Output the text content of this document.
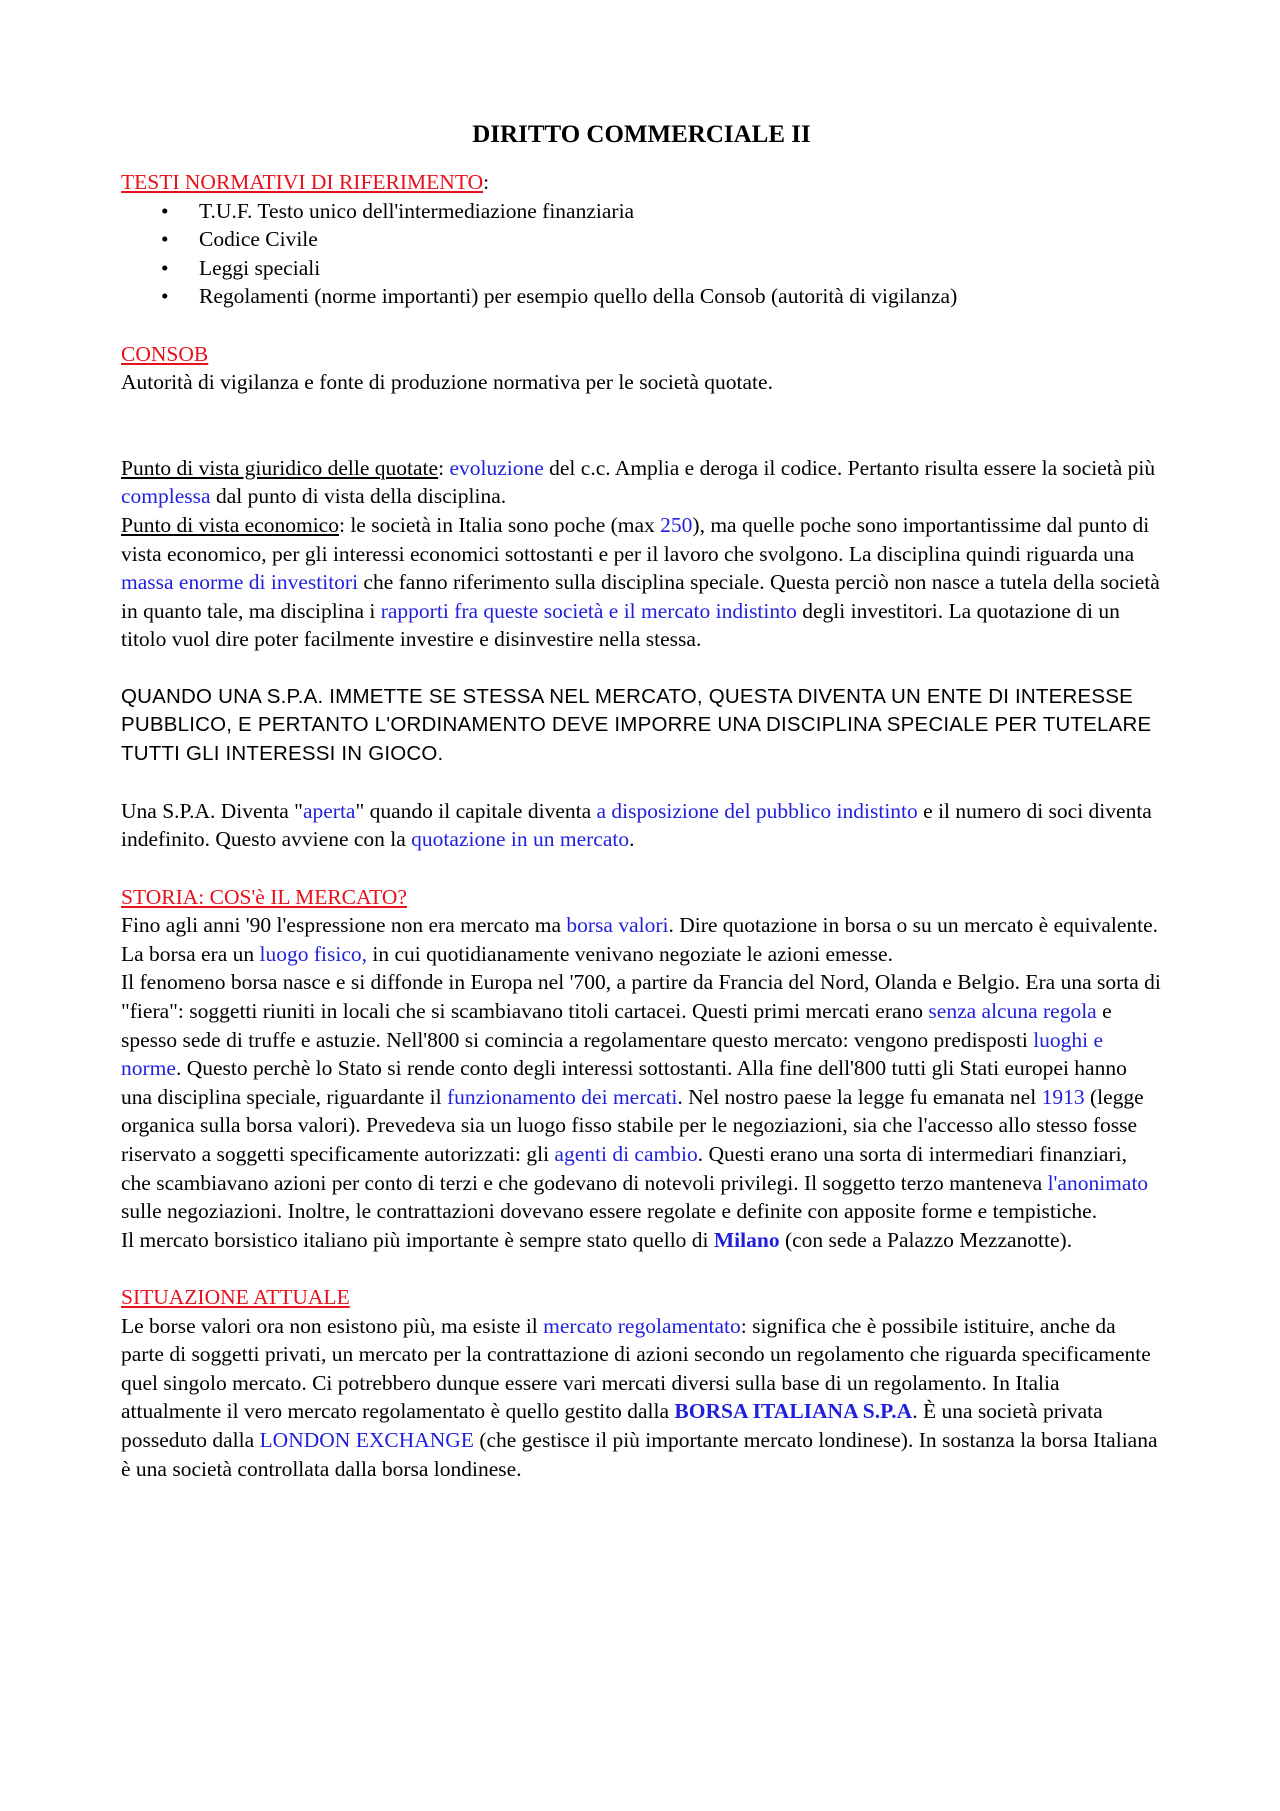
DIRITTO COMMERCIALE II
TESTI NORMATIVI DI RIFERIMENTO:
• T.U.F. Testo unico dell'intermediazione finanziaria
• Codice Civile
• Leggi speciali
• Regolamenti (norme importanti) per esempio quello della Consob (autorità di vigilanza)
CONSOB
Autorità di vigilanza e fonte di produzione normativa per le società quotate.
Punto di vista giuridico delle quotate: evoluzione del c.c. Amplia e deroga il codice. Pertanto risulta essere la società più complessa dal punto di vista della disciplina.
Punto di vista economico: le società in Italia sono poche (max 250), ma quelle poche sono importantissime dal punto di vista economico, per gli interessi economici sottostanti e per il lavoro che svolgono. La disciplina quindi riguarda una massa enorme di investitori che fanno riferimento sulla disciplina speciale. Questa perciò non nasce a tutela della società in quanto tale, ma disciplina i rapporti fra queste società e il mercato indistinto degli investitori. La quotazione di un titolo vuol dire poter facilmente investire e disinvestire nella stessa.
QUANDO UNA S.P.A. IMMETTE SE STESSA NEL MERCATO, QUESTA DIVENTA UN ENTE DI INTERESSE PUBBLICO, E PERTANTO L'ORDINAMENTO DEVE IMPORRE UNA DISCIPLINA SPECIALE PER TUTELARE TUTTI GLI INTERESSI IN GIOCO.
Una S.P.A. Diventa "aperta" quando il capitale diventa a disposizione del pubblico indistinto e il numero di soci diventa indefinito. Questo avviene con la quotazione in un mercato.
STORIA: COS'è IL MERCATO?
Fino agli anni '90 l'espressione non era mercato ma borsa valori. Dire quotazione in borsa o su un mercato è equivalente.
La borsa era un luogo fisico, in cui quotidianamente venivano negoziate le azioni emesse.
Il fenomeno borsa nasce e si diffonde in Europa nel '700, a partire da Francia del Nord, Olanda e Belgio. Era una sorta di "fiera": soggetti riuniti in locali che si scambiavano titoli cartacei. Questi primi mercati erano senza alcuna regola e spesso sede di truffe e astuzie. Nell'800 si comincia a regolamentare questo mercato: vengono predisposti luoghi e norme. Questo perchè lo Stato si rende conto degli interessi sottostanti. Alla fine dell'800 tutti gli Stati europei hanno una disciplina speciale, riguardante il funzionamento dei mercati. Nel nostro paese la legge fu emanata nel 1913 (legge organica sulla borsa valori). Prevedeva sia un luogo fisso stabile per le negoziazioni, sia che l'accesso allo stesso fosse riservato a soggetti specificamente autorizzati: gli agenti di cambio. Questi erano una sorta di intermediari finanziari, che scambiavano azioni per conto di terzi e che godevano di notevoli privilegi. Il soggetto terzo manteneva l'anonimato sulle negoziazioni. Inoltre, le contrattazioni dovevano essere regolate e definite con apposite forme e tempistiche.
Il mercato borsistico italiano più importante è sempre stato quello di Milano (con sede a Palazzo Mezzanotte).
SITUAZIONE ATTUALE
Le borse valori ora non esistono più, ma esiste il mercato regolamentato: significa che è possibile istituire, anche da parte di soggetti privati, un mercato per la contrattazione di azioni secondo un regolamento che riguarda specificamente quel singolo mercato. Ci potrebbero dunque essere vari mercati diversi sulla base di un regolamento. In Italia attualmente il vero mercato regolamentato è quello gestito dalla BORSA ITALIANA S.P.A. È una società privata posseduto dalla LONDON EXCHANGE (che gestisce il più importante mercato londinese). In sostanza la borsa Italiana è una società controllata dalla borsa londinese.
